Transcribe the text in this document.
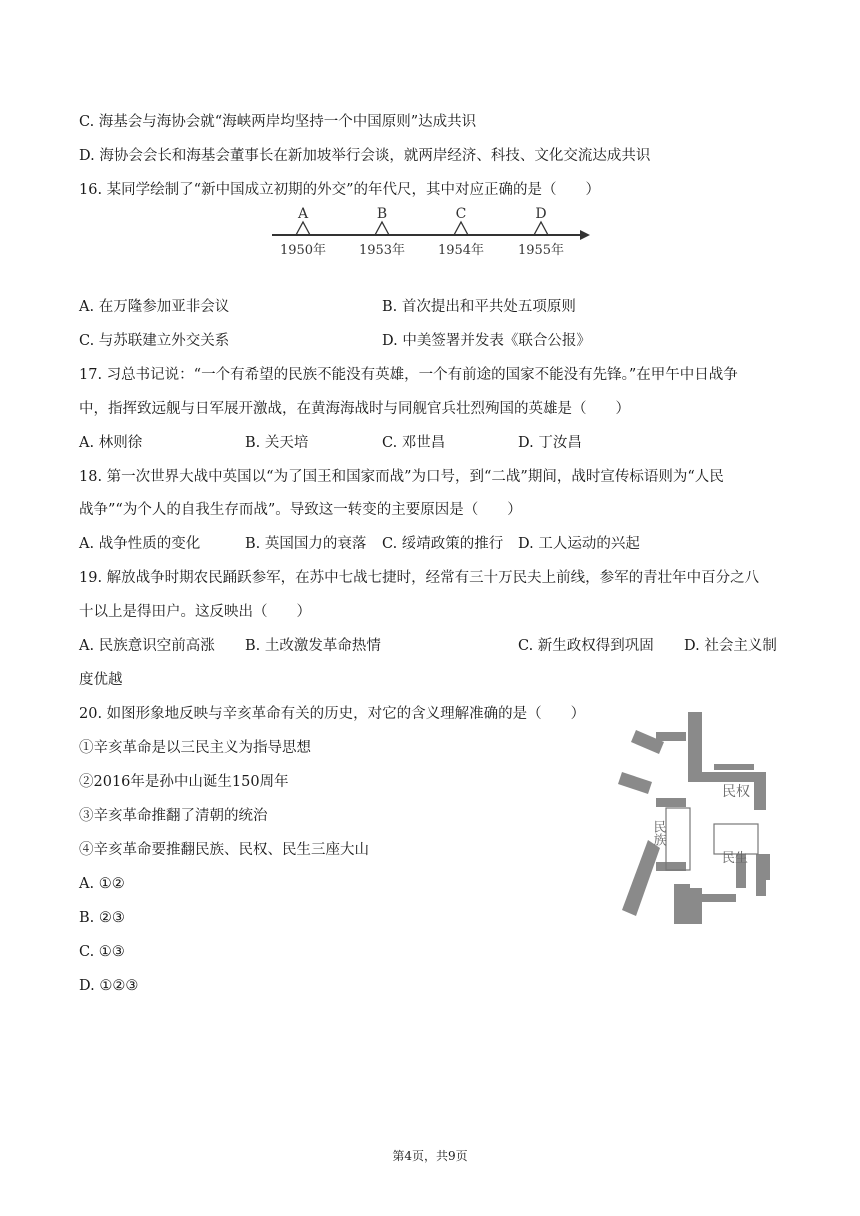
C. 海基会与海协会就“海峡两岸均坚持一个中国原则”达成共识
D. 海协会会长和海基会董事长在新加坡举行会谈，就两岸经济、科技、文化交流达成共识
16. 某同学绘制了“新中国成立初期的外交”的年代尺，其中对应正确的是（　　）
A
1950年
B
1953年
C
1954年
D
1955年
A. 在万隆参加亚非会议	B. 首次提出和平共处五项原则
C. 与苏联建立外交关系	D. 中美签署并发表《联合公报》
17. 习总书记说：“一个有希望的民族不能没有英雄，一个有前途的国家不能没有先锋。”在甲午中日战争
中，指挥致远舰与日军展开激战，在黄海海战时与同舰官兵壮烈殉国的英雄是（　　）
A. 林则徐	B. 关天培	C. 邓世昌	D. 丁汝昌
18. 第一次世界大战中英国以“为了国王和国家而战”为口号，到“二战”期间，战时宣传标语则为“人民
战争”“为个人的自我生存而战”。导致这一转变的主要原因是（　　）
A. 战争性质的变化	B. 英国国力的衰落 C. 绥靖政策的推行 D. 工人运动的兴起
19. 解放战争时期农民踊跃参军，在苏中七战七捷时，经常有三十万民夫上前线，参军的青壮年中百分之八
十以上是得田户。这反映出（　　）
A. 民族意识空前高涨 B. 土改激发革命热情	C. 新生政权得到巩固 D. 社会主义制
度优越
20. 如图形象地反映与辛亥革命有关的历史，对它的含义理解准确的是（　　）
①辛亥革命是以三民主义为指导思想
②2016年是孙中山诞生150周年
③辛亥革命推翻了清朝的统治
④辛亥革命要推翻民族、民权、民生三座大山
A. ①②
B. ②③
C. ①③
D. ①②③
民权
民族
民生
第4页，共9页
